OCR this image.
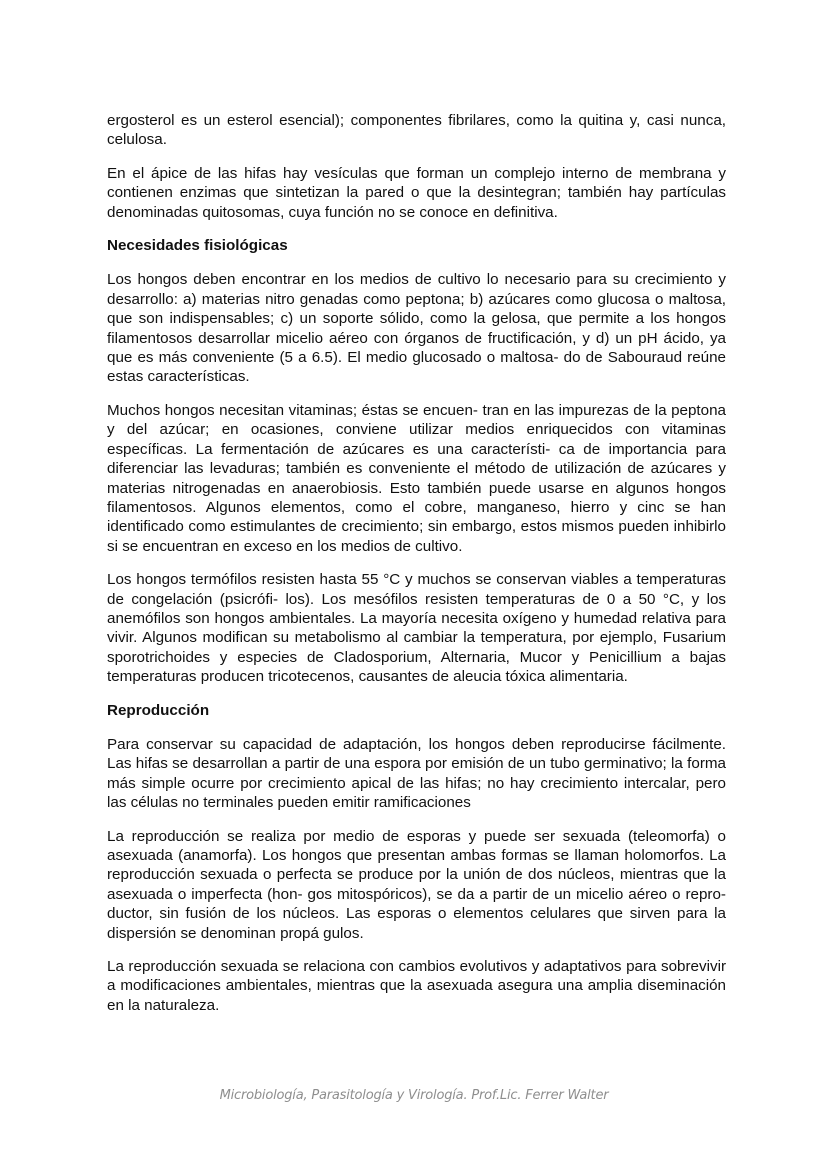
ergosterol es un esterol esencial); componentes fibrilares, como la quitina y, casi nunca, celulosa.

En el ápice de las hifas hay vesículas que forman un complejo interno de membrana y contienen enzimas que sintetizan la pared o que la desintegran; también hay partículas denominadas quitosomas, cuya función no se conoce en definitiva.

Necesidades fisiológicas

Los hongos deben encontrar en los medios de cultivo lo necesario para su crecimiento y desarrollo: a) materias nitro genadas como peptona; b) azúcares como glucosa o maltosa, que son indispensables; c) un soporte sólido, como la gelosa, que permite a los hongos filamentosos desarrollar micelio aéreo con órganos de fructificación, y d) un pH ácido, ya que es más conveniente (5 a 6.5). El medio glucosado o maltosa- do de Sabouraud reúne estas características.

Muchos hongos necesitan vitaminas; éstas se encuen- tran en las impurezas de la peptona y del azúcar; en ocasiones, conviene utilizar medios enriquecidos con vitaminas específicas. La fermentación de azúcares es una característi- ca de importancia para diferenciar las levaduras; también es conveniente el método de utilización de azúcares y materias nitrogenadas en anaerobiosis. Esto también puede usarse en algunos hongos filamentosos. Algunos elementos, como el cobre, manganeso, hierro y cinc se han identificado como estimulantes de crecimiento; sin embargo, estos mismos pueden inhibirlo si se encuentran en exceso en los medios de cultivo.

Los hongos termófilos resisten hasta 55 °C y muchos se conservan viables a temperaturas de congelación (psicrófi- los). Los mesófilos resisten temperaturas de 0 a 50 °C, y los anemófilos son hongos ambientales. La mayoría necesita oxígeno y humedad relativa para vivir. Algunos modifican su metabolismo al cambiar la temperatura, por ejemplo, Fusarium sporotrichoides y especies de Cladosporium, Alternaria, Mucor y Penicillium a bajas temperaturas producen tricotecenos, causantes de aleucia tóxica alimentaria.

Reproducción

Para conservar su capacidad de adaptación, los hongos deben reproducirse fácilmente. Las hifas se desarrollan a partir de una espora por emisión de un tubo germinativo; la forma más simple ocurre por crecimiento apical de las hifas; no hay crecimiento intercalar, pero las células no terminales pueden emitir ramificaciones

La reproducción se realiza por medio de esporas y puede ser sexuada (teleomorfa) o asexuada (anamorfa). Los hongos que presentan ambas formas se llaman holomorfos. La reproducción sexuada o perfecta se produce por la unión de dos núcleos, mientras que la asexuada o imperfecta (hon- gos mitospóricos), se da a partir de un micelio aéreo o repro- ductor, sin fusión de los núcleos. Las esporas o elementos celulares que sirven para la dispersión se denominan propá gulos.

La reproducción sexuada se relaciona con cambios evolutivos y adaptativos para sobrevivir a modificaciones ambientales, mientras que la asexuada asegura una amplia diseminación en la naturaleza.

Microbiología, Parasitología y Virología. Prof.Lic. Ferrer Walter
